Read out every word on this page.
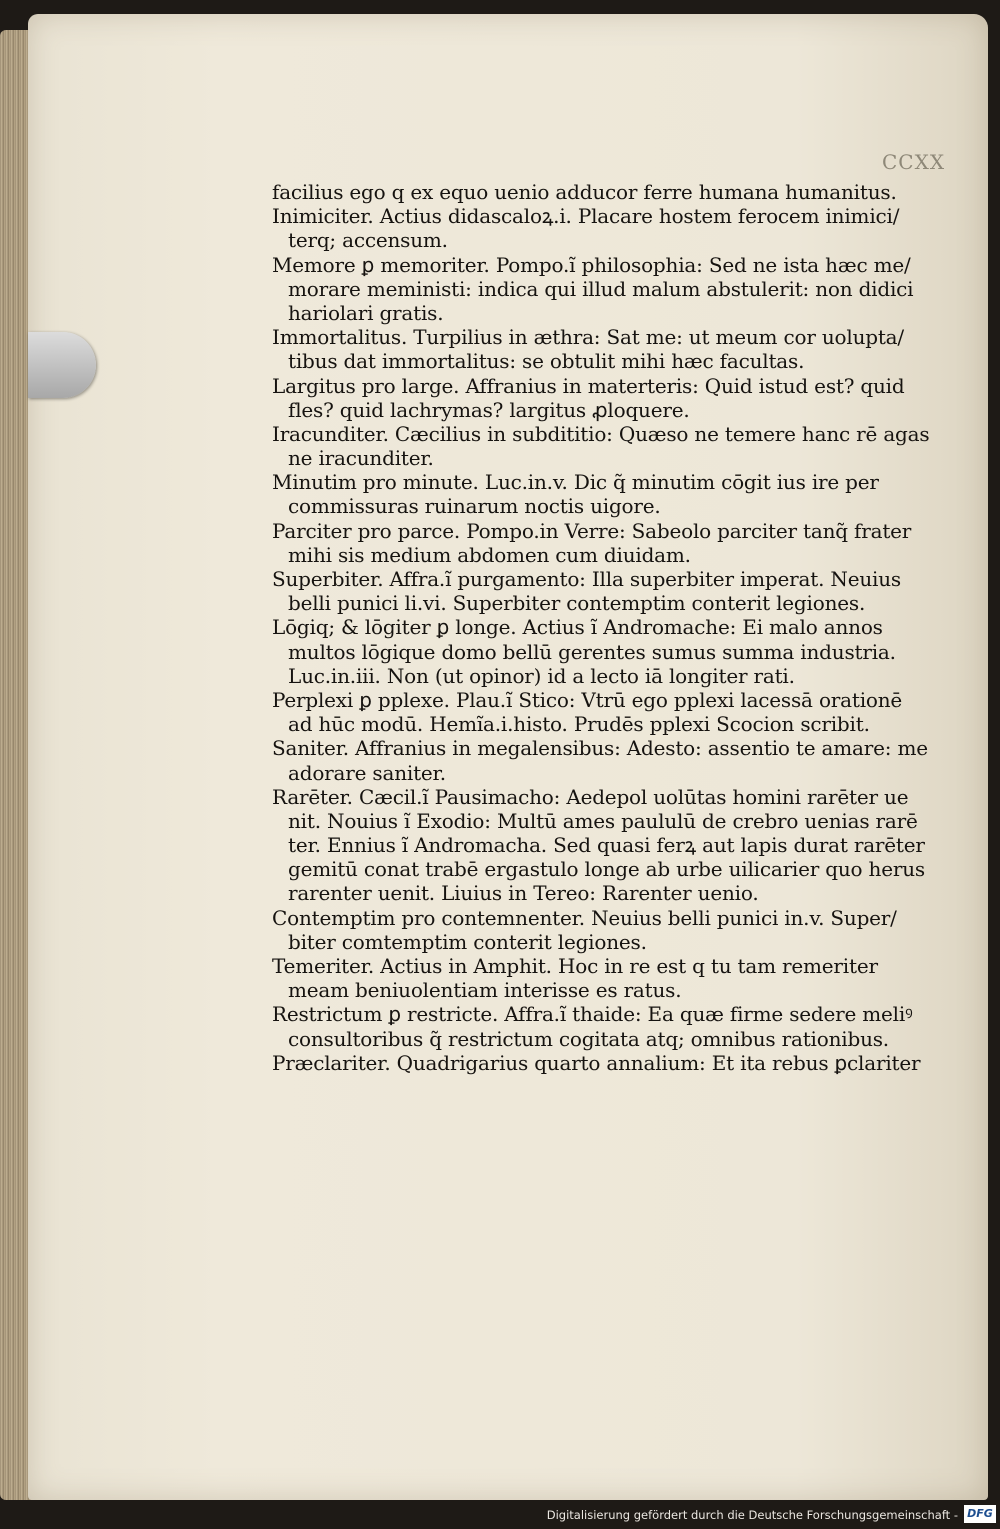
CCXX
facilius ego q ex equo uenio adducor ferre humana humanitus.
Inimiciter. Actius didascaloꝝ.i. Placare hostem ferocem inimici/
terq; accensum.
Memore ꝑ memoriter. Pompo.ĩ philosophia: Sed ne ista hæc me/
morare meministi: indica qui illud malum abstulerit: non didici
hariolari gratis.
Immortalitus. Turpilius in æthra: Sat me: ut meum cor uolupta/
tibus dat immortalitus: se obtulit mihi hæc facultas.
Largitus pro large. Affranius in materteris: Quid istud est? quid
fles? quid lachrymas? largitus ꝓloquere.
Iracunditer. Cæcilius in subdititio: Quæso ne temere hanc rē agas
ne iracunditer.
Minutim pro minute. Luc.in.v. Dic q̃ minutim cōgit ius ire per
commissuras ruinarum noctis uigore.
Parciter pro parce. Pompo.in Verre: Sabeolo parciter tanq̃ frater
mihi sis medium abdomen cum diuidam.
Superbiter. Affra.ĩ purgamento: Illa superbiter imperat. Neuius
belli punici li.vi. Superbiter contemptim conterit legiones.
Lōgiq; & lōgiter ꝑ longe. Actius ĩ Andromache: Ei malo annos
multos lōgique domo bellū gerentes sumus summa industria.
Luc.in.iii. Non (ut opinor) id a lecto iā longiter rati.
Perplexi ꝑ pplexe. Plau.ĩ Stico: Vtrū ego pplexi lacessā orationē
ad hūc modū. Hemĩa.i.histo. Prudēs pplexi Scocion scribit.
Saniter. Affranius in megalensibus: Adesto: assentio te amare: me
adorare saniter.
Rarēter. Cæcil.ĩ Pausimacho: Aedepol uolūtas homini rarēter ue
nit. Nouius ĩ Exodio: Multū ames paululū de crebro uenias rarē
ter. Ennius ĩ Andromacha. Sed quasi ferꝝ aut lapis durat rarēter
gemitū conat trabē ergastulo longe ab urbe uilicarier quo herus
rarenter uenit. Liuius in Tereo: Rarenter uenio.
Contemptim pro contemnenter. Neuius belli punici in.v. Super/
biter comtemptim conterit legiones.
Temeriter. Actius in Amphit. Hoc in re est q tu tam remeriter
meam beniuolentiam interisse es ratus.
Restrictum ꝑ restricte. Affra.ĩ thaide: Ea quæ firme sedere meliꝰ
consultoribus q̃ restrictum cogitata atq; omnibus rationibus.
Præclariter. Quadrigarius quarto annalium: Et ita rebus ꝑclariter
Digitalisierung gefördert durch die Deutsche Forschungsgemeinschaft - DFG
